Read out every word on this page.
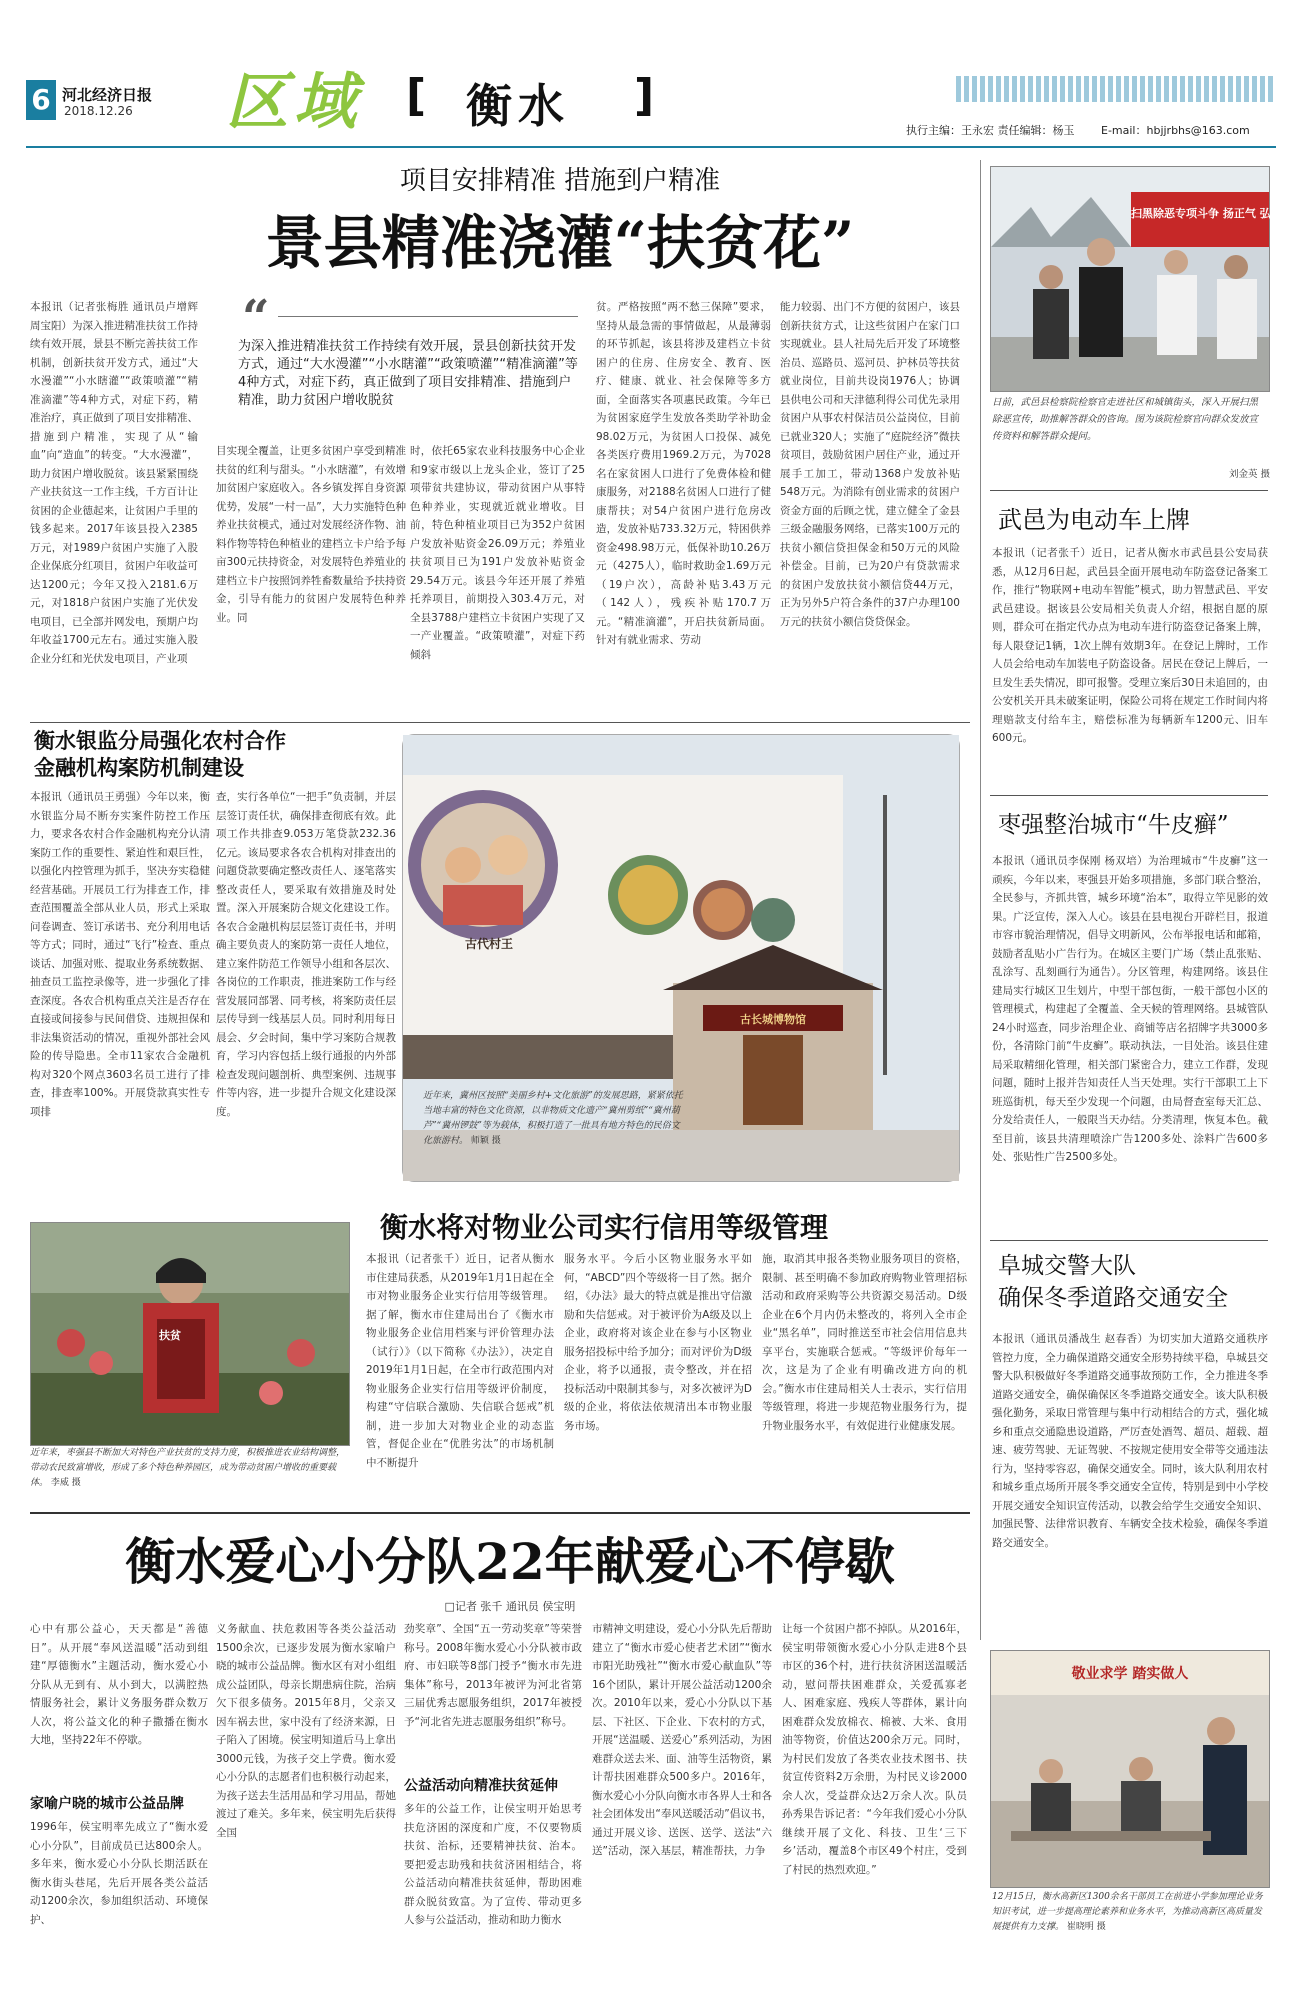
6 河北经济日报
2018.12.26 区域 [ 衡水 ]
执行主编：王永宏 责任编辑：杨玉 E-mail：hbjjrbhs@163.com
项目安排精准 措施到户精准
景县精准浇灌“扶贫花”
本报讯（记者张梅胜 通讯员卢增辉 周宝阳）为深入推进精准扶贫工作持续有效开展，景县不断完善扶贫工作机制，创新扶贫开发方式，通过“大水漫灌”“小水瞎灌”“政策喷灌”“精准滴灌”等4种方式，对症下药，精准治疗，真正做到了项目安排精准、措施到户精准，实现了从“输血”向“造血”的转变。“大水漫灌”，助力贫困户增收脱贫。该县紧紧围绕产业扶贫这一工作主线，千方百计让贫困的企业德起来，让贫困户手里的钱多起来。2017年该县投入2385万元，对1989户贫困户实施了入股企业保底分红项目，贫困户年收益可达1200元；今年又投入2181.6万元，对1818户贫困户实施了光伏发电项目，已全部并网发电，预期户均年收益1700元左右。通过实施入股企业分红和光伏发电项目，产业项
“
为深入推进精准扶贫工作持续有效开展，景县创新扶贫开发方式，通过“大水漫灌”“小水瞎灌”“政策喷灌”“精准滴灌”等4种方式，对症下药，真正做到了项目安排精准、措施到户精准，助力贫困户增收脱贫
目实现全覆盖，让更多贫困户享受到精准扶贫的红利与甜头。“小水瞎灌”，有效增加贫困户家庭收入。各乡镇发挥自身资源优势，发展“一村一品”，大力实施特色种养业扶贫模式，通过对发展经济作物、油料作物等特色种植业的建档立卡户给予每亩300元扶持资金，对发展特色养殖业的建档立卡户按照饲养牲畜数量给予扶持资金，引导有能力的贫困户发展特色种养业。同
时，依托65家农业科技服务中心企业和9家市级以上龙头企业，签订了25项带贫共建协议，带动贫困户从事特色种养业，实现就近就业增收。目前，特色种植业项目已为352户贫困户发放补贴资金26.09万元；养殖业扶贫项目已为191户发放补贴资金29.54万元。该县今年还开展了养殖托养项目，前期投入303.4万元，对全县3788户建档立卡贫困户实现了又一产业覆盖。“政策喷灌”，对症下药倾斜
贫。严格按照“两不愁三保障”要求，坚持从最急需的事情做起，从最薄弱的环节抓起，该县将涉及建档立卡贫困户的住房、住房安全、教育、医疗、健康、就业、社会保障等多方面，全面落实各项惠民政策。今年已为贫困家庭学生发放各类助学补助金98.02万元，为贫困人口投保、减免各类医疗费用1969.2万元，为7028名在家贫困人口进行了免费体检和健康服务，对2188名贫困人口进行了健康帮扶；对54户贫困户进行危房改造，发放补贴733.32万元，特困供养资金498.98万元，低保补助10.26万元（4275人），临时救助金1.69万元（19户次），高龄补贴3.43万元（142人），残疾补贴170.7万元。“精准滴灌”，开启扶贫新局面。针对有就业需求、劳动
能力较弱、出门不方便的贫困户，该县创新扶贫方式，让这些贫困户在家门口实现就业。县人社局先后开发了环境整治员、巡路员、巡河员、护林员等扶贫就业岗位，目前共设岗1976人；协调县供电公司和天津德利得公司优先录用贫困户从事农村保洁员公益岗位，目前已就业320人；实施了“庭院经济”微扶贫项目，鼓励贫困户居住产业，通过开展手工加工，带动1368户发放补贴548万元。为消除有创业需求的贫困户资金方面的后顾之忧，建立健全了金县三级金融服务网络，已落实100万元的扶贫小额信贷担保金和50万元的风险补偿金。目前，已为20户有贷款需求的贫困户发放扶贫小额信贷44万元，正为另外5户符合条件的37户办理100万元的扶贫小额信贷贷保金。
扫黑除恶专项斗争 扬正气 弘扬社会
日前，武邑县检察院检察官走进社区和城镇街头，深入开展扫黑除恶宣传，助推解答群众的咨询。图为该院检察官向群众发放宣传资料和解答群众提问。
刘金英 摄
武邑为电动车上牌
本报讯（记者张千）近日，记者从衡水市武邑县公安局获悉，从12月6日起，武邑县全面开展电动车防盗登记备案工作，推行“物联网+电动车智能”模式，助力智慧武邑、平安武邑建设。据该县公安局相关负责人介绍，根据自愿的原则，群众可在指定代办点为电动车进行防盗登记备案上牌，每人限登记1辆，1次上牌有效期3年。在登记上牌时，工作人员会给电动车加装电子防盗设备。居民在登记上牌后，一旦发生丢失情况，即可报警。受理立案后30日未追回的，由公安机关开具未破案证明，保险公司将在规定工作时间内将理赔款支付给车主，赔偿标准为每辆新车1200元、旧车600元。
枣强整治城市“牛皮癣”
本报讯（通讯员李保刚 杨双培）为治理城市“牛皮癣”这一顽疾，今年以来，枣强县开始多项措施，多部门联合整治，全民参与，齐抓共管，城乡环境“治本”，取得立竿见影的效果。广泛宣传，深入人心。该县在县电视台开辟栏目，报道市容市貌治理情况，倡导文明新风，公布举报电话和邮箱，鼓励者乱贴小广告行为。在城区主要门广场（禁止乱张贴、乱涂写、乱刻画行为通告）。分区管理，构建网络。该县住建局实行城区卫生划片，中型干部包街，一般干部包小区的管理模式，构建起了全覆盖、全天候的管理网络。县城管队24小时巡查，同步治理企业、商铺等店名招牌字共3000多份，各清除门前“牛皮癣”。联动执法，一目处治。该县住建局采取精细化管理，相关部门紧密合力，建立工作群，发现问题，随时上报并告知责任人当天处理。实行干部职工上下班巡街机，每天至少发现一个问题，由局督查室每天汇总、分发给责任人，一般限当天办结。分类清理，恢复本色。截至目前，该县共清理喷涂广告1200多处、涂料广告600多处、张贴性广告2500多处。
阜城交警大队
确保冬季道路交通安全
本报讯（通讯员潘战生 赵春香）为切实加大道路交通秩序管控力度，全力确保道路交通安全形势持续平稳，阜城县交警大队积极做好冬季道路交通事故预防工作，全力推进冬季道路交通安全，确保确保区冬季道路交通安全。该大队积极强化勤务，采取日常管理与集中行动相结合的方式，强化城乡和重点交通隐患设道路，严厉查处酒驾、超员、超载、超速、疲劳驾驶、无证驾驶、不按规定使用安全带等交通违法行为，坚持零容忍，确保交通安全。同时，该大队利用农村和城乡重点场所开展冬季交通安全宣传，特别是到中小学校开展交通安全知识宣传活动，以教会给学生交通安全知识、加强民警、法律常识教育、车辆安全技术检验，确保冬季道路交通安全。
衡水银监分局强化农村合作
金融机构案防机制建设
本报讯（通讯员王勇强）今年以来，衡水银监分局不断夯实案件防控工作压力，要求各农村合作金融机构充分认清案防工作的重要性、紧迫性和艰巨性，以强化内控管理为抓手，坚决夯实稳健经营基础。开展员工行为排查工作，排查范围覆盖全部从业人员，形式上采取问卷调查、签订承诺书、充分利用电话等方式；同时，通过“飞行”检查、重点谈话、加强对账、提取业务系统数据、抽查员工监控录像等，进一步强化了排查深度。各农合机构重点关注是否存在直接或间接参与民间借贷、违规担保和非法集资活动的情况，重视外部社会风险的传导隐患。全市11家农合金融机构对320个网点3603名员工进行了排查，排查率100%。开展贷款真实性专项排
查，实行各单位“一把手”负责制，并层层签订责任状，确保排查彻底有效。此项工作共排查9.053万笔贷款232.36亿元。该局要求各农合机构对排查出的问题贷款要确定整改责任人、逐笔落实整改责任人，要采取有效措施及时处置。深入开展案防合规文化建设工作。各农合金融机构层层签订责任书，并明确主要负责人的案防第一责任人地位，建立案件防范工作领导小组和各层次、各岗位的工作职责，推进案防工作与经营发展同部署、同考核，将案防责任层层传导到一线基层人员。同时利用每日晨会、夕会时间，集中学习案防合规教育，学习内容包括上级行通报的内外部检查发现问题剖析、典型案例、违规事件等内容，进一步提升合规文化建设深度。
古代村王
古长城博物馆
近年来，冀州区按照“美丽乡村+文化旅游”的发展思路，紧紧依托当地丰富的特色文化资源，以非物质文化遗产“冀州剪纸”“冀州葫芦”“冀州锣鼓”等为载体，积极打造了一批具有地方特色的民俗文化旅游村。 师颖 摄
扶贫
近年来，枣强县不断加大对特色产业扶贫的支持力度，积极推进农业结构调整，带动农民致富增收，形成了多个特色种养园区，成为带动贫困户增收的重要载体。 李威 摄
衡水将对物业公司实行信用等级管理
本报讯（记者张千）近日，记者从衡水市住建局获悉，从2019年1月1日起在全市对物业服务企业实行信用等级管理。据了解，衡水市住建局出台了《衡水市物业服务企业信用档案与评价管理办法（试行）》（以下简称《办法》），决定自2019年1月1日起，在全市行政范围内对物业服务企业实行信用等级评价制度，构建“守信联合激励、失信联合惩戒”机制，进一步加大对物业企业的动态监管，督促企业在“优胜劣汰”的市场机制中不断提升
服务水平。今后小区物业服务水平如何，“ABCD”四个等级将一目了然。据介绍，《办法》最大的特点就是推出守信激励和失信惩戒。对于被评价为A级及以上企业，政府将对该企业在参与小区物业服务招投标中给予加分；而对评价为D级企业，将予以通报，责令整改，并在招投标活动中限制其参与，对多次被评为D级的企业，将依法依规清出本市物业服务市场。
施，取消其申报各类物业服务项目的资格，限制、甚至明确不参加政府购物业管理招标活动和政府采购等公共资源交易活动。D级企业在6个月内仍未整改的，将列入全市企业“黑名单”，同时推送至市社会信用信息共享平台，实施联合惩戒。“等级评价每年一次，这是为了企业有明确改进方向的机会。”衡水市住建局相关人士表示，实行信用等级管理，将进一步规范物业服务行为，提升物业服务水平，有效促进行业健康发展。
衡水爱心小分队22年献爱心不停歇
□记者 张千 通讯员 侯宝明
心中有那公益心，天天都是“善德日”。从开展“奉风送温暖”活动到组建“厚德衡水”主题活动，衡水爱心小分队从无到有、从小到大，以满腔热情服务社会，累计义务服务群众数万人次，将公益文化的种子撒播在衡水大地，坚持22年不停歇。
家喻户晓的城市公益品牌
1996年，侯宝明率先成立了“衡水爱心小分队”，目前成员已达800余人。多年来，衡水爱心小分队长期活跃在衡水街头巷尾，先后开展各类公益活动1200余次，参加组织活动、环境保护、
义务献血、扶危救困等各类公益活动1500余次，已逐步发展为衡水家喻户晓的城市公益品牌。衡水区有对小组组成公益团队，母亲长期患病住院，治病欠下很多债务。2015年8月，父亲又因车祸去世，家中没有了经济来源，日子陷入了困境。侯宝明知道后马上拿出3000元钱，为孩子交上学费。衡水爱心小分队的志愿者们也积极行动起来，为孩子送去生活用品和学习用品，帮她渡过了难关。多年来，侯宝明先后获得全国
劲奖章”、全国“五一劳动奖章”等荣誉称号。2008年衡水爱心小分队被市政府、市妇联等8部门授予“衡水市先进集体”称号，2013年被评为河北省第三届优秀志愿服务组织，2017年被授予“河北省先进志愿服务组织”称号。
公益活动向精准扶贫延伸
多年的公益工作，让侯宝明开始思考扶危济困的深度和广度，不仅要物质扶贫、治标，还要精神扶贫、治本。要把爱志助残和扶贫济困相结合，将公益活动向精准扶贫延伸，帮助困难群众脱贫致富。为了宣传、带动更多人参与公益活动，推动和助力衡水
市精神文明建设，爱心小分队先后帮助建立了“衡水市爱心使者艺术团”“衡水市阳光助残社”“衡水市爱心献血队”等16个团队，累计开展公益活动1200余次。2010年以来，爱心小分队以下基层、下社区、下企业、下农村的方式，开展“送温暖、送爱心”系列活动，为困难群众送去米、面、油等生活物资，累计帮扶困难群众500多户。2016年，衡水爱心小分队向衡水市各界人士和各社会团体发出“奉风送暖活动”倡议书，通过开展义诊、送医、送学、送法“六送”活动，深入基层，精准帮扶，力争
让每一个贫困户都不掉队。从2016年，侯宝明带领衡水爱心小分队走进8个县市区的36个村，进行扶贫济困送温暖活动，慰问帮扶困难群众，关爱孤寡老人、困难家庭、残疾人等群体，累计向困难群众发放棉衣、棉被、大米、食用油等物资，价值达200余万元。同时，为村民们发放了各类农业技术图书、扶贫宣传资料2万余册，为村民义诊2000余人次，受益群众达2万余人次。队员孙秀果告诉记者：“今年我们爱心小分队继续开展了文化、科技、卫生‘三下乡’活动，覆盖8个市区49个村庄，受到了村民的热烈欢迎。”
敬业求学 踏实做人
12月15日，衡水高新区1300余名干部员工在前进小学参加理论业务知识考试，进一步提高理论素养和业务水平，为推动高新区高质量发展提供有力支撑。 崔晓明 摄
